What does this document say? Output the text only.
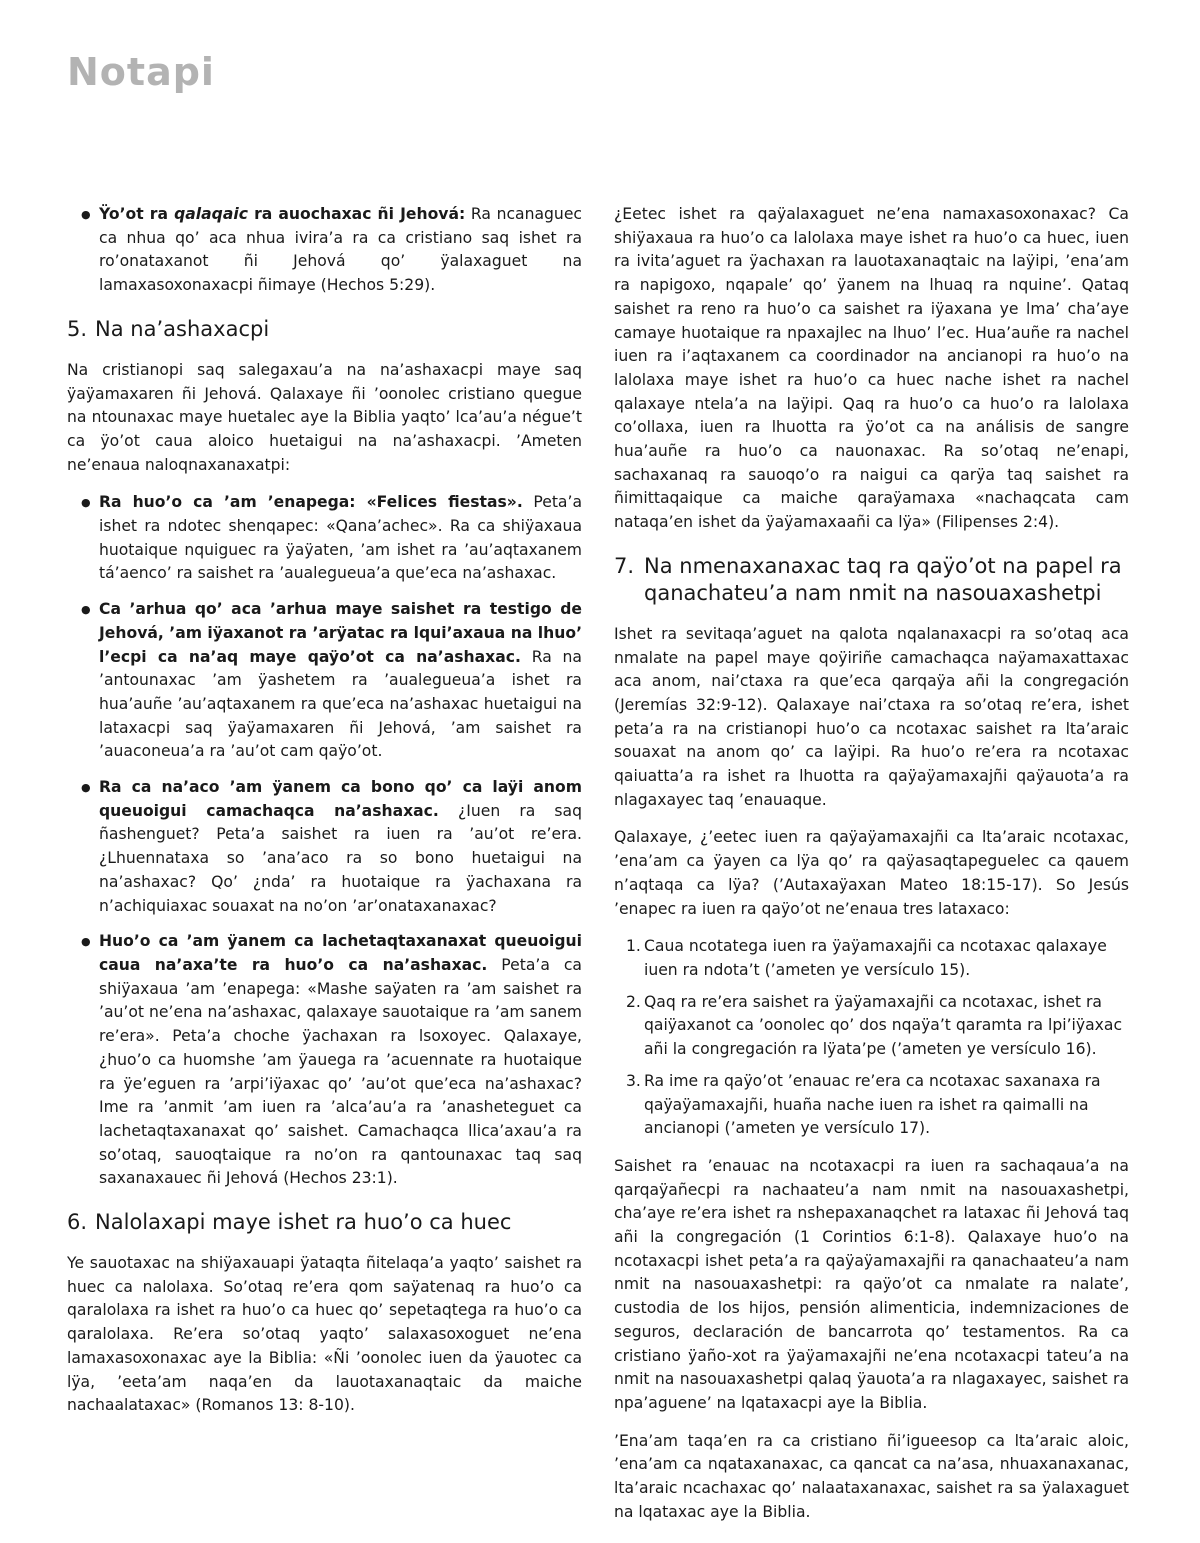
Notapi
● Ÿo’ot ra qalaqaic ra auochaxac ñi Jehová: Ra ncanaguec ca nhua qo’ aca nhua ivira’a ra ca cristiano saq ishet ra ro’onataxanot ñi Jehová qo’ ÿalaxaguet na lamaxasoxonaxacpi ñimaye (Hechos 5:29).
5. Na na’ashaxacpi

Na cristianopi saq salegaxau’a na na’ashaxacpi maye saq ÿaÿamaxaren ñi Jehová. Qalaxaye ñi ’oonolec cristiano quegue na ntounaxac maye huetalec aye la Biblia yaqto’ lca’au’a négue’t ca ÿo’ot caua aloico huetaigui na na’ashaxacpi. ’Ameten ne’enaua naloqnaxanaxatpi:

● Ra huo’o ca ’am ’enapega: «Felices fiestas». Peta’a ishet ra ndotec shenqapec: «Qana’achec». Ra ca shiÿaxaua huotaique nquiguec ra ÿaÿaten, ’am ishet ra ’au’aqtaxanem tá’aenco’ ra saishet ra ’aualegueua’a que’eca na’ashaxac.
● Ca ’arhua qo’ aca ’arhua maye saishet ra testigo de Jehová, ’am iÿaxanot ra ’arÿatac ra lqui’axaua na lhuo’ l’ecpi ca na’aq maye qaÿo’ot ca na’ashaxac. Ra na ’antounaxac ’am ÿashetem ra ’aualegueua’a ishet ra hua’auñe ’au’aqtaxanem ra que’eca na’ashaxac huetaigui na lataxacpi saq ÿaÿamaxaren ñi Jehová, ’am saishet ra ’auaconeua’a ra ’au’ot cam qaÿo’ot.
● Ra ca na’aco ’am ÿanem ca bono qo’ ca laÿi anom queuoigui camachaqca na’ashaxac. ¿Iuen ra saq ñashenguet? Peta’a saishet ra iuen ra ’au’ot re’era. ¿Lhuennataxa so ’ana’aco ra so bono huetaigui na na’ashaxac? Qo’ ¿nda’ ra huotaique ra ÿachaxana ra n’achiquiaxac souaxat na no’on ’ar’onataxanaxac?
● Huo’o ca ’am ÿanem ca lachetaqtaxanaxat queuoigui caua na’axa’te ra huo’o ca na’ashaxac. Peta’a ca shiÿaxaua ’am ’enapega: «Mashe saÿaten ra ’am saishet ra ’au’ot ne’ena na’ashaxac, qalaxaye sauotaique ra ’am sanem re’era». Peta’a choche ÿachaxan ra lsoxoyec. Qalaxaye, ¿huo’o ca huomshe ’am ÿauega ra ’acuennate ra huotaique ra ÿe’eguen ra ’arpi’iÿaxac qo’ ’au’ot que’eca na’ashaxac? Ime ra ’anmit ’am iuen ra ’alca’au’a ra ’anasheteguet ca lachetaqtaxanaxat qo’ saishet. Camachaqca llica’axau’a ra so’otaq, sauoqtaique ra no’on ra qantounaxac taq saq saxanaxauec ñi Jehová (Hechos 23:1).
6. Nalolaxapi maye ishet ra huo’o ca huec

Ye sauotaxac na shiÿaxauapi ÿataqta ñitelaqa’a yaqto’ saishet ra huec ca nalolaxa. So’otaq re’era qom saÿatenaq ra huo’o ca qaralolaxa ra ishet ra huo’o ca huec qo’ sepetaqtega ra huo’o ca qaralolaxa. Re’era so’otaq yaqto’ salaxasoxoguet ne’ena lamaxasoxonaxac aye la Biblia: «Ñi ’oonolec iuen da ÿauotec ca lÿa, ’eeta’am naqa’en da lauotaxanaqtaic da maiche nachaalataxac» (Romanos 13: 8-10).

¿Eetec ishet ra qaÿalaxaguet ne’ena namaxasoxonaxac? Ca shiÿaxaua ra huo’o ca lalolaxa maye ishet ra huo’o ca huec, iuen ra ivita’aguet ra ÿachaxan ra lauotaxanaqtaic na laÿipi, ’ena’am ra napigoxo, nqapale’ qo’ ÿanem na lhuaq ra nquine’. Qataq saishet ra reno ra huo’o ca saishet ra iÿaxana ye lma’ cha’aye camaye huotaique ra npaxajlec na lhuo’ l’ec. Hua’auñe ra nachel iuen ra i’aqtaxanem ca coordinador na ancianopi ra huo’o na lalolaxa maye ishet ra huo’o ca huec nache ishet ra nachel qalaxaye ntela’a na laÿipi. Qaq ra huo’o ca huo’o ra lalolaxa co’ollaxa, iuen ra lhuotta ra ÿo’ot ca na análisis de sangre hua’auñe ra huo’o ca nauonaxac. Ra so’otaq ne’enapi, sachaxanaq ra sauoqo’o ra naigui ca qarÿa taq saishet ra ñimittaqaique ca maiche qaraÿamaxa «nachaqcata cam nataqa’en ishet da ÿaÿamaxaañi ca lÿa» (Filipenses 2:4).

7. Na nmenaxanaxac taq ra qaÿo’ot na papel ra qanachateu’a nam nmit na nasouaxashetpi

Ishet ra sevitaqa’aguet na qalota nqalanaxacpi ra so’otaq aca nmalate na papel maye qoÿiriñe camachaqca naÿamaxattaxac aca anom, nai’ctaxa ra que’eca qarqaÿa añi la congregación (Jeremías 32:9-12). Qalaxaye nai’ctaxa ra so’otaq re’era, ishet peta’a ra na cristianopi huo’o ca ncotaxac saishet ra lta’araic souaxat na anom qo’ ca laÿipi. Ra huo’o re’era ra ncotaxac qaiuatta’a ra ishet ra lhuotta ra qaÿaÿamaxajñi qaÿauota’a ra nlagaxayec taq ’enauaque.

Qalaxaye, ¿’eetec iuen ra qaÿaÿamaxajñi ca lta’araic ncotaxac, ’ena’am ca ÿayen ca lÿa qo’ ra qaÿasaqtapeguelec ca qauem n’aqtaqa ca lÿa? (’Autaxaÿaxan Mateo 18:15-17). So Jesús ’enapec ra iuen ra qaÿo’ot ne’enaua tres lataxaco:

1. Caua ncotatega iuen ra ÿaÿamaxajñi ca ncotaxac qalaxaye iuen ra ndota’t (’ameten ye versículo 15).
2. Qaq ra re’era saishet ra ÿaÿamaxajñi ca ncotaxac, ishet ra qaiÿaxanot ca ’oonolec qo’ dos nqaÿa’t qaramta ra lpi’iÿaxac añi la congregación ra lÿata’pe (’ameten ye versículo 16).
3. Ra ime ra qaÿo’ot ’enauac re’era ca ncotaxac saxanaxa ra qaÿaÿamaxajñi, huaña nache iuen ra ishet ra qaimalli na ancianopi (’ameten ye versículo 17).

Saishet ra ’enauac na ncotaxacpi ra iuen ra sachaqaua’a na qarqaÿañecpi ra nachaateu’a nam nmit na nasouaxashetpi, cha’aye re’era ishet ra nshepaxanaqchet ra lataxac ñi Jehová taq añi la congregación (1 Corintios 6:1-8). Qalaxaye huo’o na ncotaxacpi ishet peta’a ra qaÿaÿamaxajñi ra qanachaateu’a nam nmit na nasouaxashetpi: ra qaÿo’ot ca nmalate ra nalate’, custodia de los hijos, pensión alimenticia, indemnizaciones de seguros, declaración de bancarrota qo’ testamentos. Ra ca cristiano ÿaño-xot ra ÿaÿamaxajñi ne’ena ncotaxacpi tateu’a na nmit na nasouaxashetpi qalaq ÿauota’a ra nlagaxayec, saishet ra npa’aguene’ na lqataxacpi aye la Biblia.

’Ena’am taqa’en ra ca cristiano ñi’igueesop ca lta’araic aloic, ’ena’am ca nqataxanaxac, ca qancat ca na’asa, nhuaxanaxanac, lta’araic ncachaxac qo’ nalaataxanaxac, saishet ra sa ÿalaxaguet na lqataxac aye la Biblia.
